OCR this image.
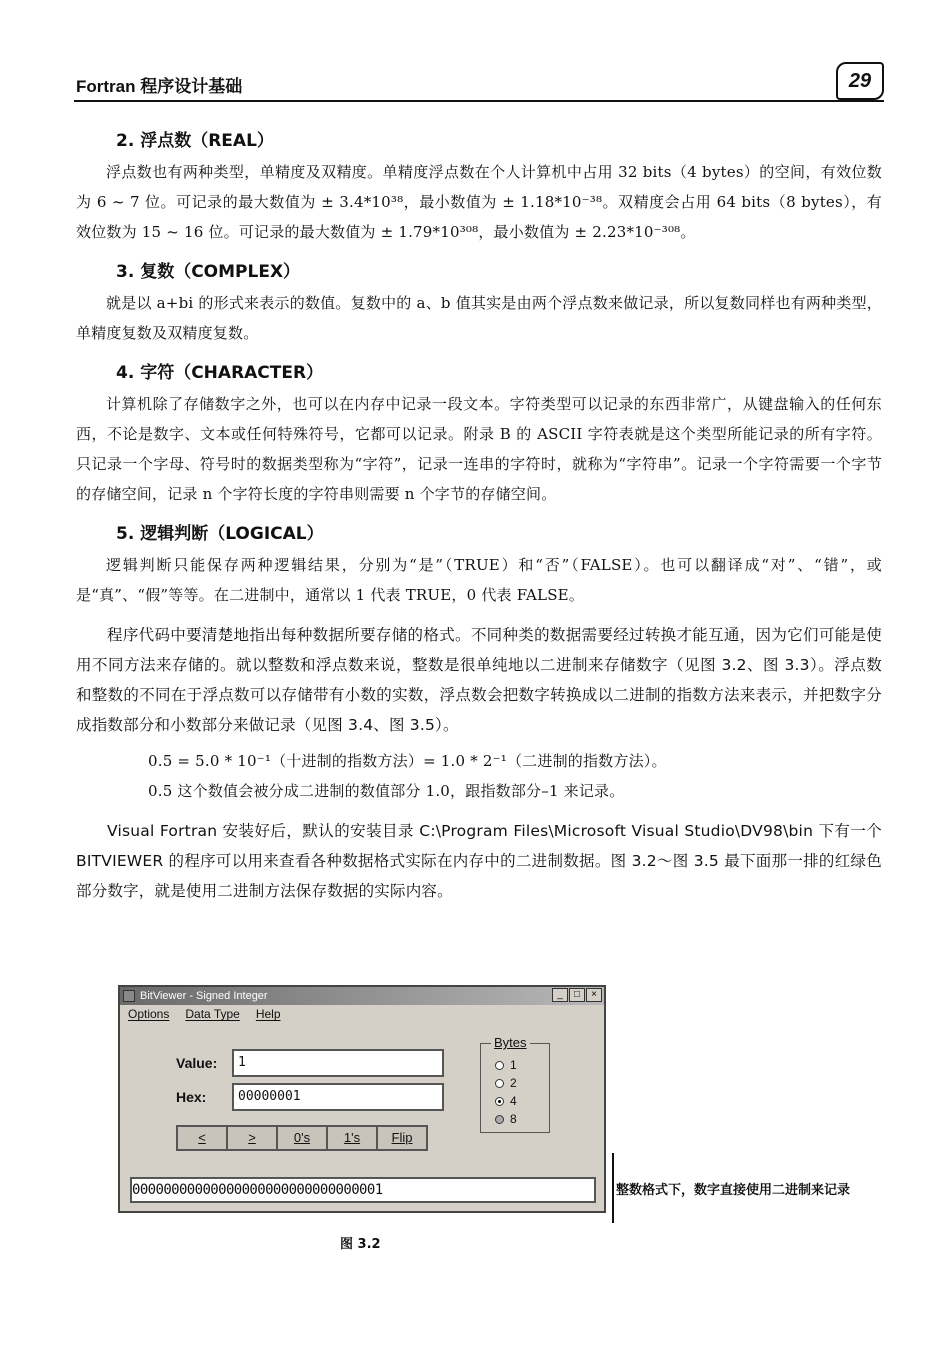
Fortran 程序设计基础	29
2. 浮点数（REAL）

浮点数也有两种类型，单精度及双精度。单精度浮点数在个人计算机中占用 32 bits（4 bytes）的空间，有效位数为 6 ~ 7 位。可记录的最大数值为 ± 3.4*10³⁸，最小数值为 ± 1.18*10⁻³⁸。双精度会占用 64 bits（8 bytes），有效位数为 15 ~ 16 位。可记录的最大数值为 ± 1.79*10³⁰⁸，最小数值为 ± 2.23*10⁻³⁰⁸。

3. 复数（COMPLEX）

就是以 a+bi 的形式来表示的数值。复数中的 a、b 值其实是由两个浮点数来做记录，所以复数同样也有两种类型，单精度复数及双精度复数。

4. 字符（CHARACTER）

计算机除了存储数字之外，也可以在内存中记录一段文本。字符类型可以记录的东西非常广，从键盘输入的任何东西，不论是数字、文本或任何特殊符号，它都可以记录。附录 B 的 ASCII 字符表就是这个类型所能记录的所有字符。只记录一个字母、符号时的数据类型称为“字符”，记录一连串的字符时，就称为“字符串”。记录一个字符需要一个字节的存储空间，记录 n 个字符长度的字符串则需要 n 个字节的存储空间。

5. 逻辑判断（LOGICAL）

逻辑判断只能保存两种逻辑结果，分别为“是”（TRUE）和“否”（FALSE）。也可以翻译成“对”、“错”，或是“真”、“假”等等。在二进制中，通常以 1 代表 TRUE，0 代表 FALSE。

程序代码中要清楚地指出每种数据所要存储的格式。不同种类的数据需要经过转换才能互通，因为它们可能是使用不同方法来存储的。就以整数和浮点数来说，整数是很单纯地以二进制来存储数字（见图 3.2、图 3.3）。浮点数和整数的不同在于浮点数可以存储带有小数的实数，浮点数会把数字转换成以二进制的指数方法来表示，并把数字分成指数部分和小数部分来做记录（见图 3.4、图 3.5）。

0.5 = 5.0 * 10⁻¹（十进制的指数方法）= 1.0 * 2⁻¹（二进制的指数方法）。

0.5 这个数值会被分成二进制的数值部分 1.0，跟指数部分–1 来记录。

Visual Fortran 安装好后，默认的安装目录 C:\Program Files\Microsoft Visual Studio\DV98\bin 下有一个 BITVIEWER 的程序可以用来查看各种数据格式实际在内存中的二进制数据。图 3.2～图 3.5 最下面那一排的红绿色部分数字，就是使用二进制方法保存数据的实际内容。

BitViewer - Signed Integer	_	□	×
Options Data Type Help
Value:	1
Hex:	00000001
<	>	0's	1's	Flip
Bytes
1
2
4
8
00000000000000000000000000000001	整数格式下，数字直接使用二进制来记录
图 3.2
